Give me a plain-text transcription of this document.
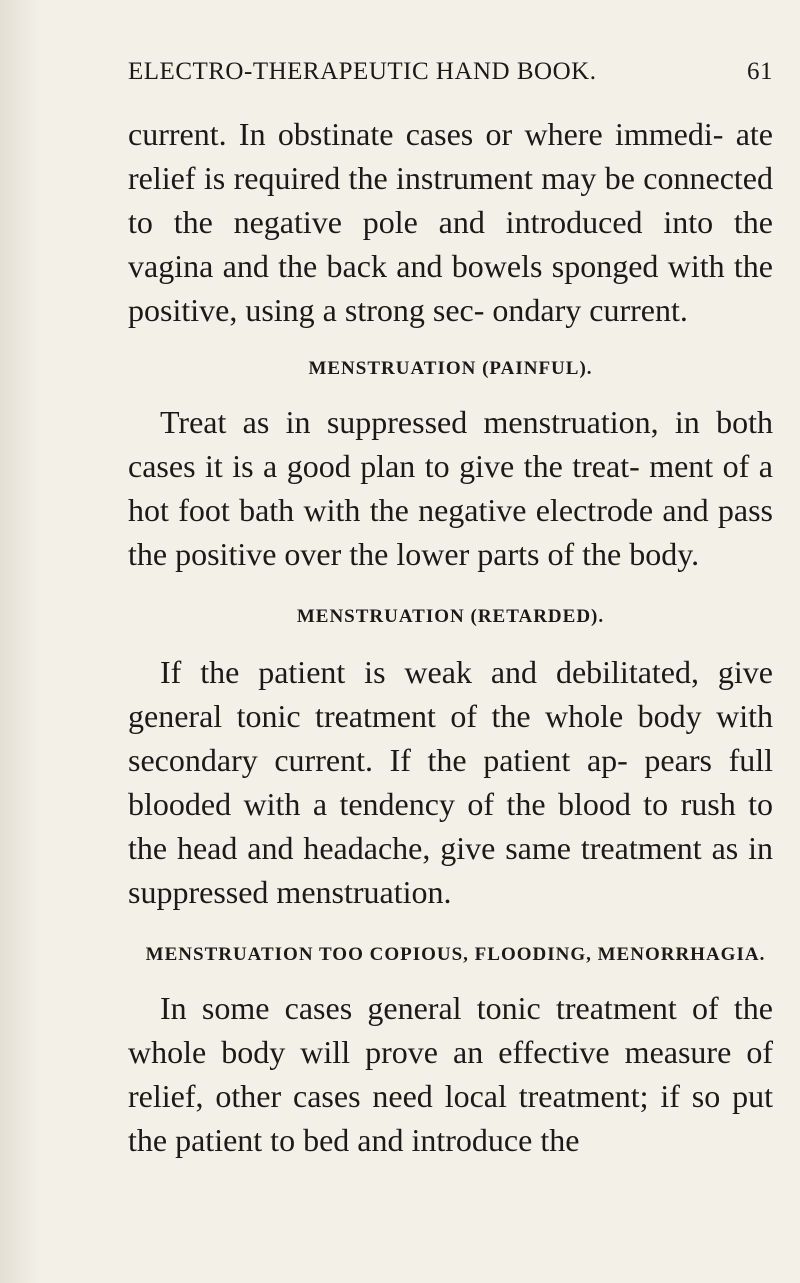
ELECTRO-THERAPEUTIC HAND BOOK.	61

current. In obstinate cases or where immedi- ate relief is required the instrument may be connected to the negative pole and introduced into the vagina and the back and bowels sponged with the positive, using a strong sec- ondary current.

MENSTRUATION (PAINFUL).

Treat as in suppressed menstruation, in both cases it is a good plan to give the treat- ment of a hot foot bath with the negative electrode and pass the positive over the lower parts of the body.

MENSTRUATION (RETARDED).

If the patient is weak and debilitated, give general tonic treatment of the whole body with secondary current. If the patient ap- pears full blooded with a tendency of the blood to rush to the head and headache, give same treatment as in suppressed menstruation.

MENSTRUATION TOO COPIOUS, FLOODING, MENORRHAGIA.

In some cases general tonic treatment of the whole body will prove an effective measure of relief, other cases need local treatment; if so put the patient to bed and introduce the
